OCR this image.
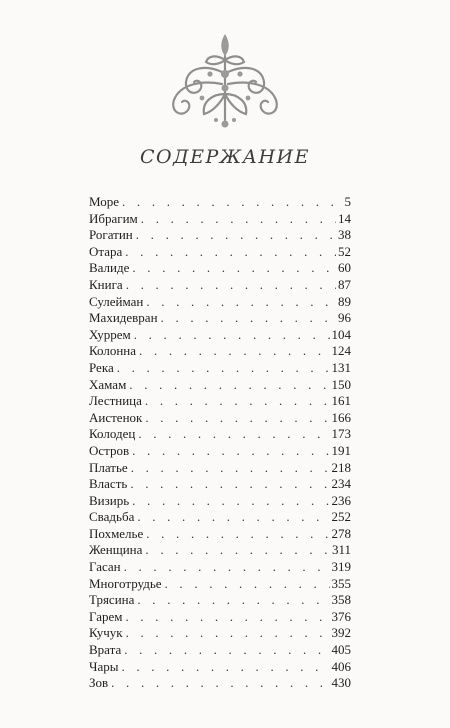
СОДЕРЖАНИЕ
Море . . .	5
Ибрагим . . .	14
Рогатин . . .	38
Отара . . .	52
Валиде . . .	60
Книга . . .	87
Сулейман . . .	89
Махидевран . . .	96
Хуррем . . .	104
Колонна . . .	124
Река . . .	131
Хамам . . .	150
Лестница . . .	161
Аистенок . . .	166
Колодец . . .	173
Остров . . .	191
Платье . . .	218
Власть . . .	234
Визирь . . .	236
Свадьба . . .	252
Похмелье . . .	278
Женщина . . .	311
Гасан . . .	319
Многотрудье . . .	355
Трясина . . .	358
Гарем . . .	376
Кучук . . .	392
Врата . . .	405
Чары . . .	406
Зов . . .	430
